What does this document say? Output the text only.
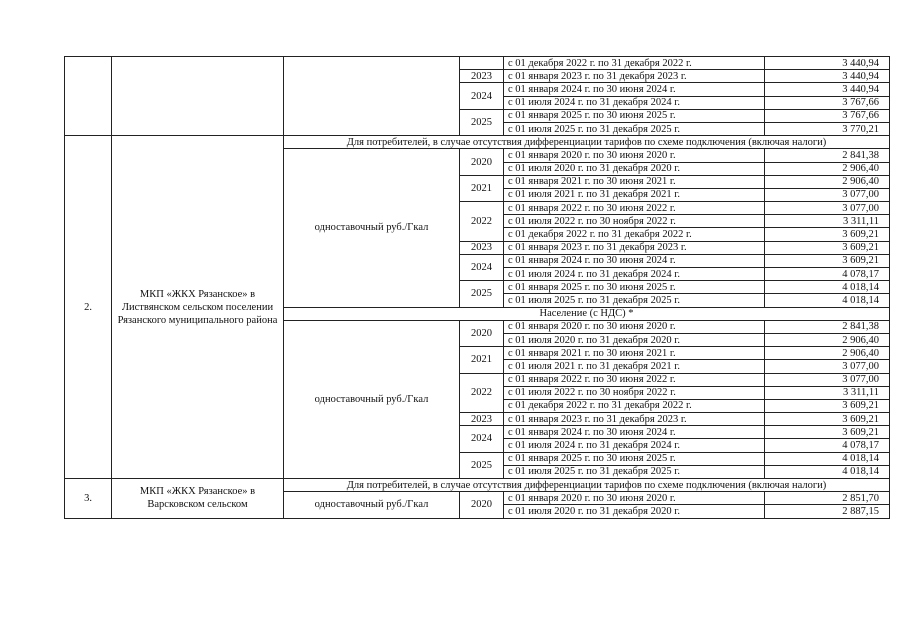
				с 01 декабря 2022 г. по 31 декабря 2022 г.	3 440,94
			2023	с 01 января 2023 г. по 31 декабря 2023 г.	3 440,94
			2024	с 01 января 2024 г. по 30 июня 2024 г.	3 440,94
				с 01 июля 2024 г. по 31 декабря 2024 г.	3 767,66
			2025	с 01 января 2025 г. по 30 июня 2025 г.	3 767,66
				с 01 июля 2025 г. по 31 декабря 2025 г.	3 770,21
2.	МКП «ЖКХ Рязанское» в Листвянском сельском поселении Рязанского муниципального района	Для потребителей, в случае отсутствия дифференциации тарифов по схеме подключения (включая налоги)			
		одноставочный руб./Гкал	2020	с 01 января 2020 г. по 30 июня 2020 г.	2 841,38
				с 01 июля 2020 г. по 31 декабря 2020 г.	2 906,40
			2021	с 01 января 2021 г. по 30 июня 2021 г.	2 906,40
				с 01 июля 2021 г. по 31 декабря 2021 г.	3 077,00
			2022	с 01 января 2022 г. по 30 июня 2022 г.	3 077,00
				с 01 июля 2022 г. по 30 ноября 2022 г.	3 311,11
				с 01 декабря 2022 г. по 31 декабря 2022 г.	3 609,21
			2023	с 01 января 2023 г. по 31 декабря 2023 г.	3 609,21
			2024	с 01 января 2024 г. по 30 июня 2024 г.	3 609,21
				с 01 июля 2024 г. по 31 декабря 2024 г.	4 078,17
			2025	с 01 января 2025 г. по 30 июня 2025 г.	4 018,14
				с 01 июля 2025 г. по 31 декабря 2025 г.	4 018,14
		Население (с НДС) *			
		одноставочный руб./Гкал	2020	с 01 января 2020 г. по 30 июня 2020 г.	2 841,38
				с 01 июля 2020 г. по 31 декабря 2020 г.	2 906,40
			2021	с 01 января 2021 г. по 30 июня 2021 г.	2 906,40
				с 01 июля 2021 г. по 31 декабря 2021 г.	3 077,00
			2022	с 01 января 2022 г. по 30 июня 2022 г.	3 077,00
				с 01 июля 2022 г. по 30 ноября 2022 г.	3 311,11
				с 01 декабря 2022 г. по 31 декабря 2022 г.	3 609,21
			2023	с 01 января 2023 г. по 31 декабря 2023 г.	3 609,21
			2024	с 01 января 2024 г. по 30 июня 2024 г.	3 609,21
				с 01 июля 2024 г. по 31 декабря 2024 г.	4 078,17
			2025	с 01 января 2025 г. по 30 июня 2025 г.	4 018,14
				с 01 июля 2025 г. по 31 декабря 2025 г.	4 018,14
3.	МКП «ЖКХ Рязанское» в Варсковском сельском	Для потребителей, в случае отсутствия дифференциации тарифов по схеме подключения (включая налоги)			
		одноставочный руб./Гкал	2020	с 01 января 2020 г. по 30 июня 2020 г.	2 851,70
				с 01 июля 2020 г. по 31 декабря 2020 г.	2 887,15
